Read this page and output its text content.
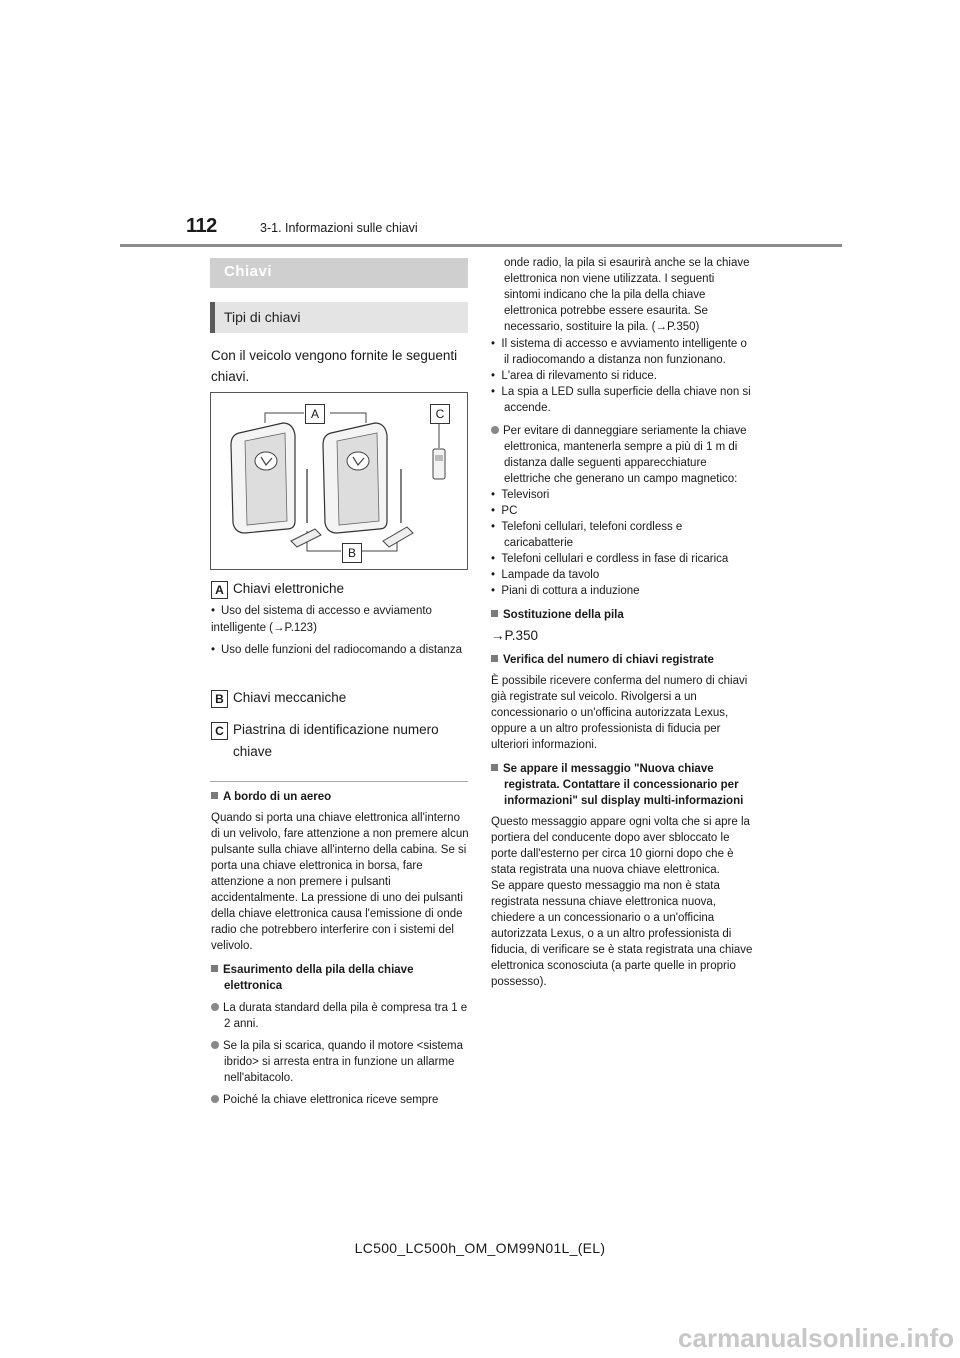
112	3-1. Informazioni sulle chiavi
Chiavi
Tipi di chiavi
Con il veicolo vengono fornite le seguenti chiavi.
A	C
B
A Chiavi elettroniche
• Uso del sistema di accesso e avviamento intelligente (→P.123)
• Uso delle funzioni del radiocomando a distanza
B Chiavi meccaniche
C Piastrina di identificazione numero
chiave
A bordo di un aereo
Quando si porta una chiave elettronica all'interno di un velivolo, fare attenzione a non premere alcun pulsante sulla chiave all'interno della cabina. Se si porta una chiave elettronica in borsa, fare attenzione a non premere i pulsanti accidentalmente. La pressione di uno dei pulsanti della chiave elettronica causa l'emissione di onde radio che potrebbero interferire con i sistemi del velivolo.
Esaurimento della pila della chiave elettronica
La durata standard della pila è compresa tra 1 e 2 anni.
Se la pila si scarica, quando il motore <sistema ibrido> si arresta entra in funzione un allarme nell'abitacolo.
Poiché la chiave elettronica riceve sempre
onde radio, la pila si esaurirà anche se la chiave elettronica non viene utilizzata. I seguenti sintomi indicano che la pila della chiave elettronica potrebbe essere esaurita. Se necessario, sostituire la pila. (→P.350)
•  Il sistema di accesso e avviamento intelligente o il radiocomando a distanza non funzionano.
•  L'area di rilevamento si riduce.
•  La spia a LED sulla superficie della chiave non si accende.
Per evitare di danneggiare seriamente la chiave elettronica, mantenerla sempre a più di 1 m di distanza dalle seguenti apparecchiature elettriche che generano un campo magnetico:
•  Televisori
•  PC
•  Telefoni cellulari, telefoni cordless e caricabatterie
•  Telefoni cellulari e cordless in fase di ricarica
•  Lampade da tavolo
•  Piani di cottura a induzione
Sostituzione della pila
→P.350
Verifica del numero di chiavi registrate
È possibile ricevere conferma del numero di chiavi già registrate sul veicolo. Rivolgersi a un concessionario o un'officina autorizzata Lexus, oppure a un altro professionista di fiducia per ulteriori informazioni.
Se appare il messaggio "Nuova chiave registrata. Contattare il concessionario per informazioni" sul display multi-informazioni
Questo messaggio appare ogni volta che si apre la portiera del conducente dopo aver sbloccato le porte dall'esterno per circa 10 giorni dopo che è stata registrata una nuova chiave elettronica.
Se appare questo messaggio ma non è stata registrata nessuna chiave elettronica nuova, chiedere a un concessionario o a un'officina autorizzata Lexus, o a un altro professionista di fiducia, di verificare se è stata registrata una chiave elettronica sconosciuta (a parte quelle in proprio possesso).
LC500_LC500h_OM_OM99N01L_(EL)
carmanualsonline.info
